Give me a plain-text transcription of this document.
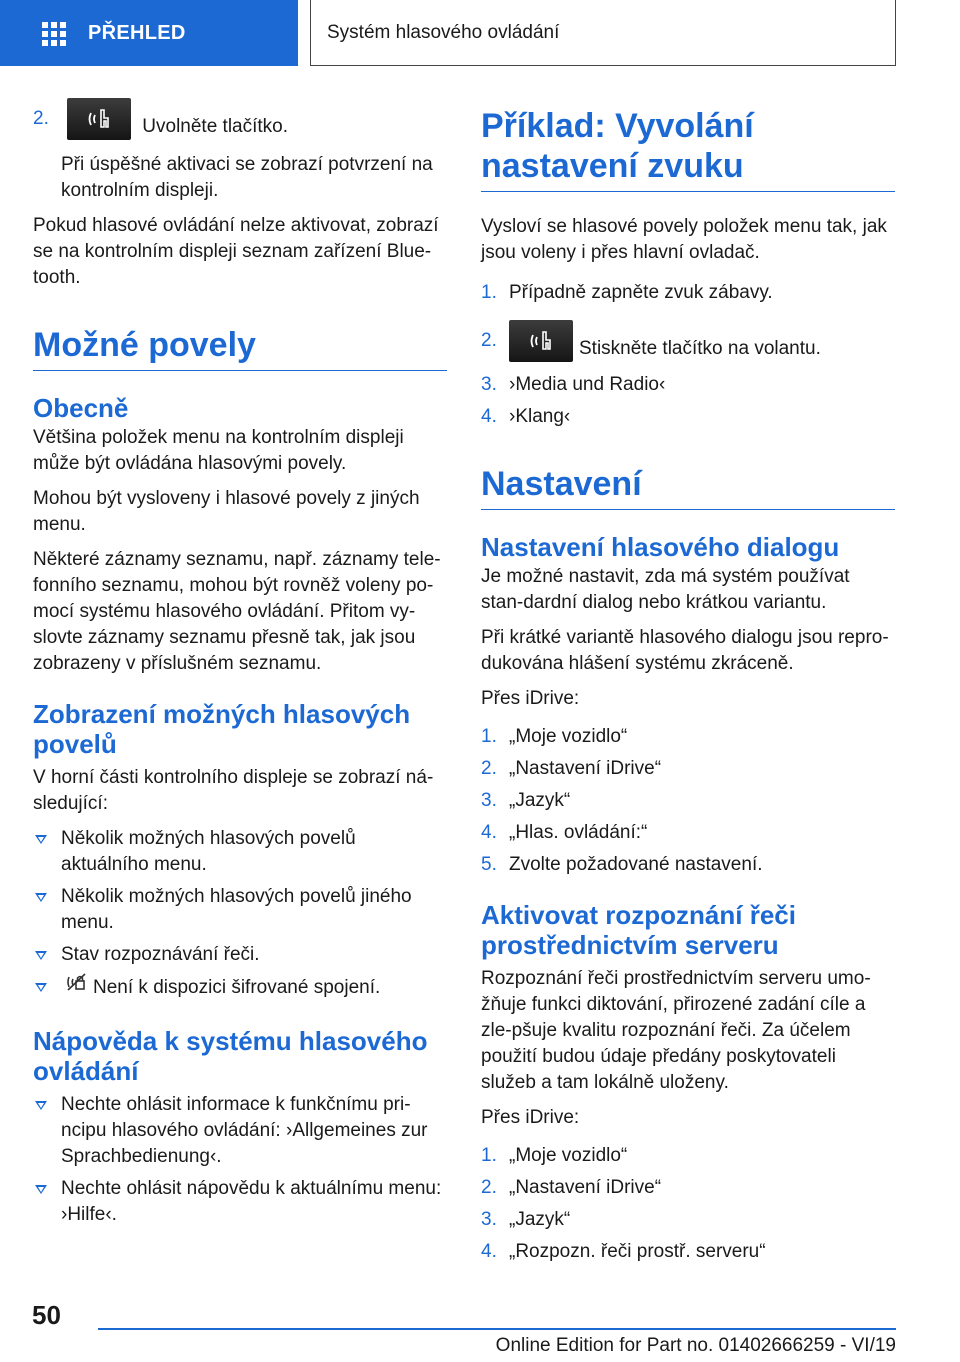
PŘEHLED	Systém hlasového ovládání
2.	Uvolněte tlačítko.

Při úspěšné aktivaci se zobrazí potvrzení na kontrolním displeji.

Pokud hlasové ovládání nelze aktivovat, zobrazí se na kontrolním displeji seznam zařízení Blue-tooth.

Možné povely
Obecně

Většina položek menu na kontrolním displeji může být ovládána hlasovými povely.

Mohou být vysloveny i hlasové povely z jiných menu.

Některé záznamy seznamu, např. záznamy tele-fonního seznamu, mohou být rovněž voleny po-mocí systému hlasového ovládání. Přitom vy-slovte záznamy seznamu přesně tak, jak jsou zobrazeny v příslušném seznamu.

Zobrazení možných hlasových povelů

V horní části kontrolního displeje se zobrazí ná-sledující:

Několik možných hlasových povelů aktuálního menu.
Několik možných hlasových povelů jiného menu.
Stav rozpoznávání řeči.
Není k dispozici šifrované spojení.
Nápověda k systému hlasového ovládání
Nechte ohlásit informace k funkčnímu pri-ncipu hlasového ovládání: ›Allgemeines zur Sprachbedienung‹.
Nechte ohlásit nápovědu k aktuálnímu menu: ›Hilfe‹.
Příklad: Vyvolání nastavení zvuku

Vysloví se hlasové povely položek menu tak, jak jsou voleny i přes hlavní ovladač.

1. Případně zapněte zvuk zábavy.
2.	Stiskněte tlačítko na volantu.
3. ›Media und Radio‹
4. ›Klang‹
Nastavení
Nastavení hlasového dialogu

Je možné nastavit, zda má systém používat stan-dardní dialog nebo krátkou variantu.

Při krátké variantě hlasového dialogu jsou repro-dukována hlášení systému zkráceně.

Přes iDrive:

1. „Moje vozidlo“
2. „Nastavení iDrive“
3. „Jazyk“
4. „Hlas. ovládání:“
5. Zvolte požadované nastavení.
Aktivovat rozpoznání řeči prostřednictvím serveru

Rozpoznání řeči prostřednictvím serveru umo-žňuje funkci diktování, přirozené zadání cíle a zle-pšuje kvalitu rozpoznání řeči. Za účelem použití budou údaje předány poskytovateli služeb a tam lokálně uloženy.

Přes iDrive:

1. „Moje vozidlo“
2. „Nastavení iDrive“
3. „Jazyk“
4. „Rozpozn. řeči prostř. serveru“
50
Online Edition for Part no. 01402666259 - VI/19
